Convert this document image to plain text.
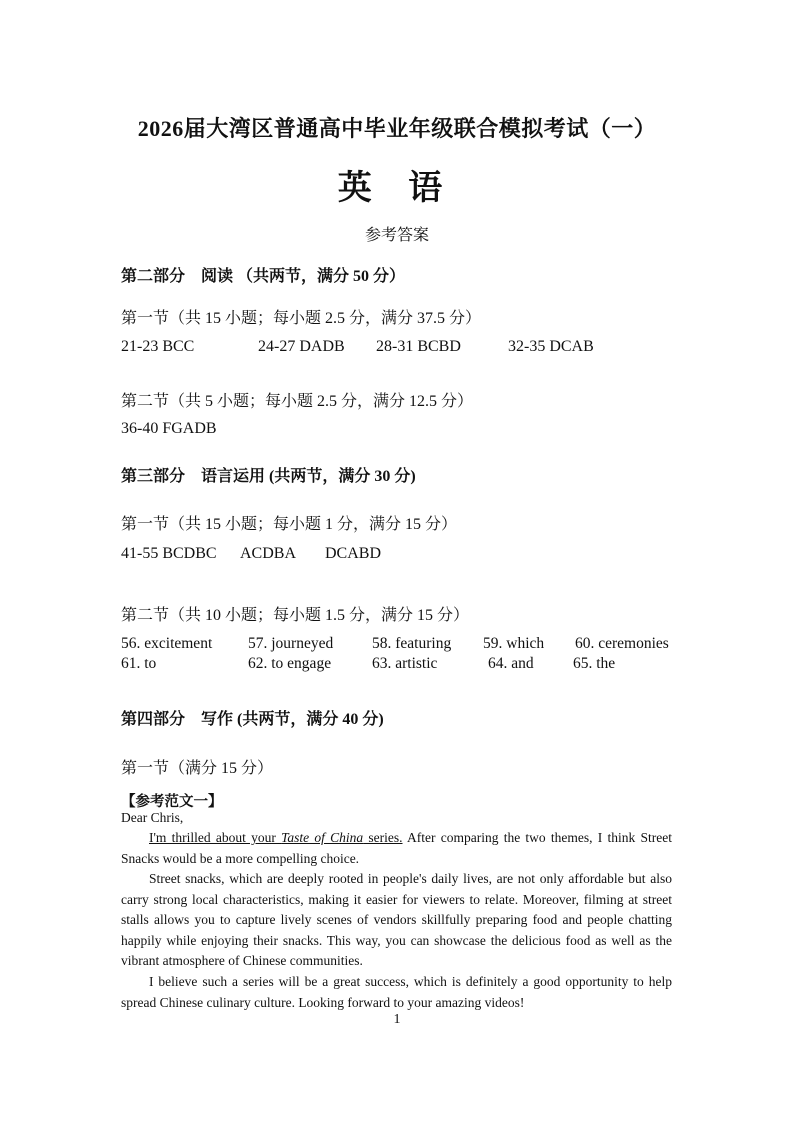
2026届大湾区普通高中毕业年级联合模拟考试（一）
英 语
参考答案
第二部分　阅读 （共两节，满分 50 分）
第一节（共 15 小题；每小题 2.5 分，满分 37.5 分）
21-23 BCC	24-27 DADB 28-31 BCBD	32-35 DCAB
第二节（共 5 小题；每小题 2.5 分，满分 12.5 分）
36-40 FGADB
第三部分　语言运用 (共两节，满分 30 分)
第一节（共 15 小题；每小题 1 分，满分 15 分）
41-55 BCDBC ACDBA DCABD
第二节（共 10 小题；每小题 1.5 分，满分 15 分）
56. excitement 57. journeyed	58. featuring 59. which 60. ceremonies
61. to	62. to engage	63. artistic	64. and	65. the
第四部分　写作 (共两节，满分 40 分)
第一节（满分 15 分）
【参考范文一】
Dear Chris,
I'm thrilled about your Taste of China series. After comparing the two themes, I think Street Snacks would be a more compelling choice.
Street snacks, which are deeply rooted in people's daily lives, are not only affordable but also carry strong local characteristics, making it easier for viewers to relate. Moreover, filming at street stalls allows you to capture lively scenes of vendors skillfully preparing food and people chatting happily while enjoying their snacks. This way, you can showcase the delicious food as well as the vibrant atmosphere of Chinese communities.
I believe such a series will be a great success, which is definitely a good opportunity to help spread Chinese culinary culture. Looking forward to your amazing videos!
1
